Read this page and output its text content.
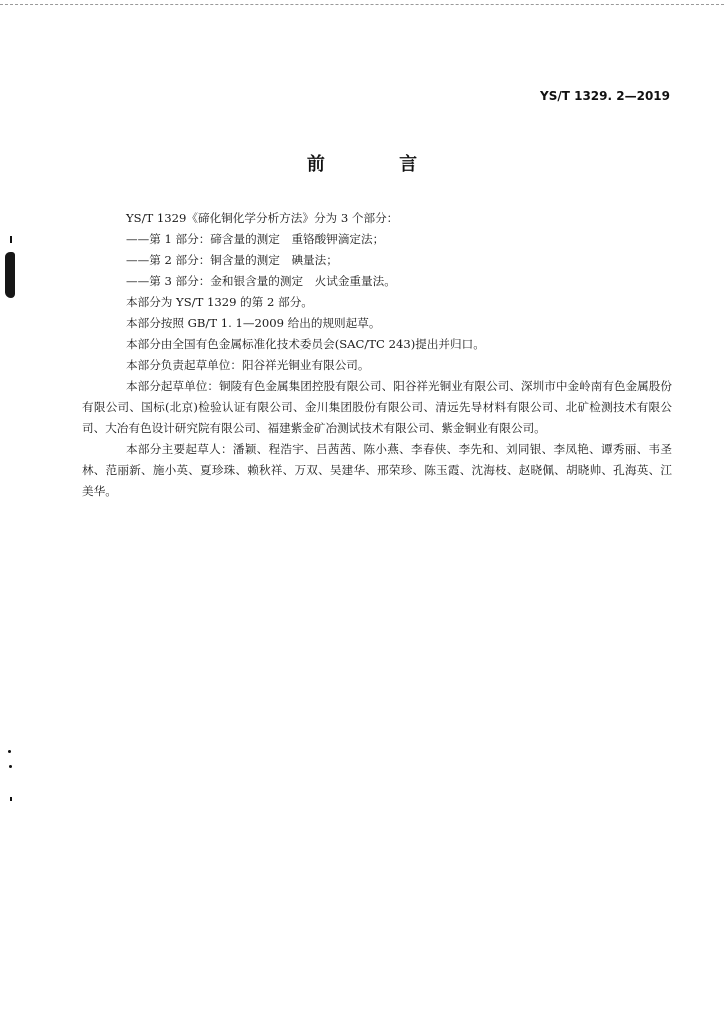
YS/T 1329. 2—2019
前 言

YS/T 1329《碲化铜化学分析方法》分为 3 个部分：

——第 1 部分：碲含量的测定　重铬酸钾滴定法；

——第 2 部分：铜含量的测定　碘量法；

——第 3 部分：金和银含量的测定　火试金重量法。

本部分为 YS/T 1329 的第 2 部分。

本部分按照 GB/T 1. 1—2009 给出的规则起草。

本部分由全国有色金属标准化技术委员会(SAC/TC 243)提出并归口。

本部分负责起草单位：阳谷祥光铜业有限公司。

本部分起草单位：铜陵有色金属集团控股有限公司、阳谷祥光铜业有限公司、深圳市中金岭南有色金属股份有限公司、国标(北京)检验认证有限公司、金川集团股份有限公司、清远先导材料有限公司、北矿检测技术有限公司、大冶有色设计研究院有限公司、福建紫金矿冶测试技术有限公司、紫金铜业有限公司。

本部分主要起草人：潘颖、程浩宇、吕茜茜、陈小燕、李春侠、李先和、刘同银、李凤艳、谭秀丽、韦圣林、范丽新、施小英、夏珍珠、赖秋祥、万双、吴建华、邢荣珍、陈玉霞、沈海枝、赵晓佩、胡晓帅、孔海英、江美华。
